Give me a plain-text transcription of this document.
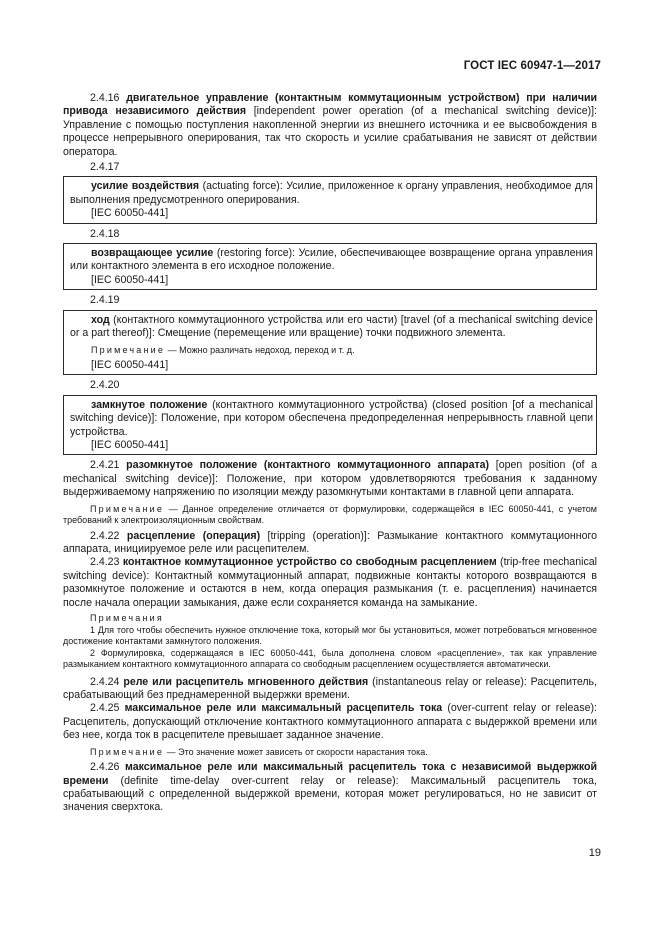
ГОСТ IEC 60947-1—2017

2.4.16 двигательное управление (контактным коммутационным устройством) при наличии привода независимого действия [independent power operation (of a mechanical switching device)]: Управление с помощью поступления накопленной энергии из внешнего источника и ее высвобождения в процессе непрерывного оперирования, так что скорость и усилие срабатывания не зависят от действии оператора.

2.4.17

усилие воздействия (actuating force): Усилие, приложенное к органу управления, необходимое для выполнения предусмотренного оперирования.

[IEC 60050-441]

2.4.18

возвращающее усилие (restoring force): Усилие, обеспечивающее возвращение органа управления или контактного элемента в его исходное положение.

[IEC 60050-441]

2.4.19

ход (контактного коммутационного устройства или его части) [travel (of a mechanical switching device or a part thereof)]: Смещение (перемещение или вращение) точки подвижного элемента.

Примечание — Можно различать недоход, переход и т. д.

[IEC 60050-441]

2.4.20

замкнутое положение (контактного коммутационного устройства) (closed position [of a mechanical switching device)]: Положение, при котором обеспечена предопределенная непрерывность главной цепи устройства.

[IEC 60050-441]

2.4.21 разомкнутое положение (контактного коммутационного аппарата) [open position (of a mechanical switching device)]: Положение, при котором удовлетворяются требования к заданному выдерживаемому напряжению по изоляции между разомкнутыми контактами в главной цепи аппарата.

Примечание — Данное определение отличается от формулировки, содержащейся в IEC 60050-441, с учетом требований к электроизоляционным свойствам.

2.4.22 расцепление (операция) [tripping (operation)]: Размыкание контактного коммутационного аппарата, инициируемое реле или расцепителем.

2.4.23 контактное коммутационное устройство со свободным расцеплением (trip-free mechanical switching device): Контактный коммутационный аппарат, подвижные контакты которого возвращаются в разомкнутое положение и остаются в нем, когда операция размыкания (т. е. расцепления) начинается после начала операции замыкания, даже если сохраняется команда на замыкание.

Примечания

1 Для того чтобы обеспечить нужное отключение тока, который мог бы установиться, может потребоваться мгновенное достижение контактами замкнутого положения.

2 Формулировка, содержащаяся в IEC 60050-441, была дополнена словом «расцепление», так как управление размыканием контактного коммутационного аппарата со свободным расцеплением осуществляется автоматически.

2.4.24 реле или расцепитель мгновенного действия (instantaneous relay or release): Расцепитель, срабатывающий без преднамеренной выдержки времени.

2.4.25 максимальное реле или максимальный расцепитель тока (over-current relay or release): Расцепитель, допускающий отключение контактного коммутационного аппарата с выдержкой времени или без нее, когда ток в расцепителе превышает заданное значение.

Примечание — Это значение может зависеть от скорости нарастания тока.

2.4.26 максимальное реле или максимальный расцепитель тока с независимой выдержкой времени (definite time-delay over-current relay or release): Максимальный расцепитель тока, срабатывающий с определенной выдержкой времени, которая может регулироваться, но не зависит от значения сверхтока.

19
